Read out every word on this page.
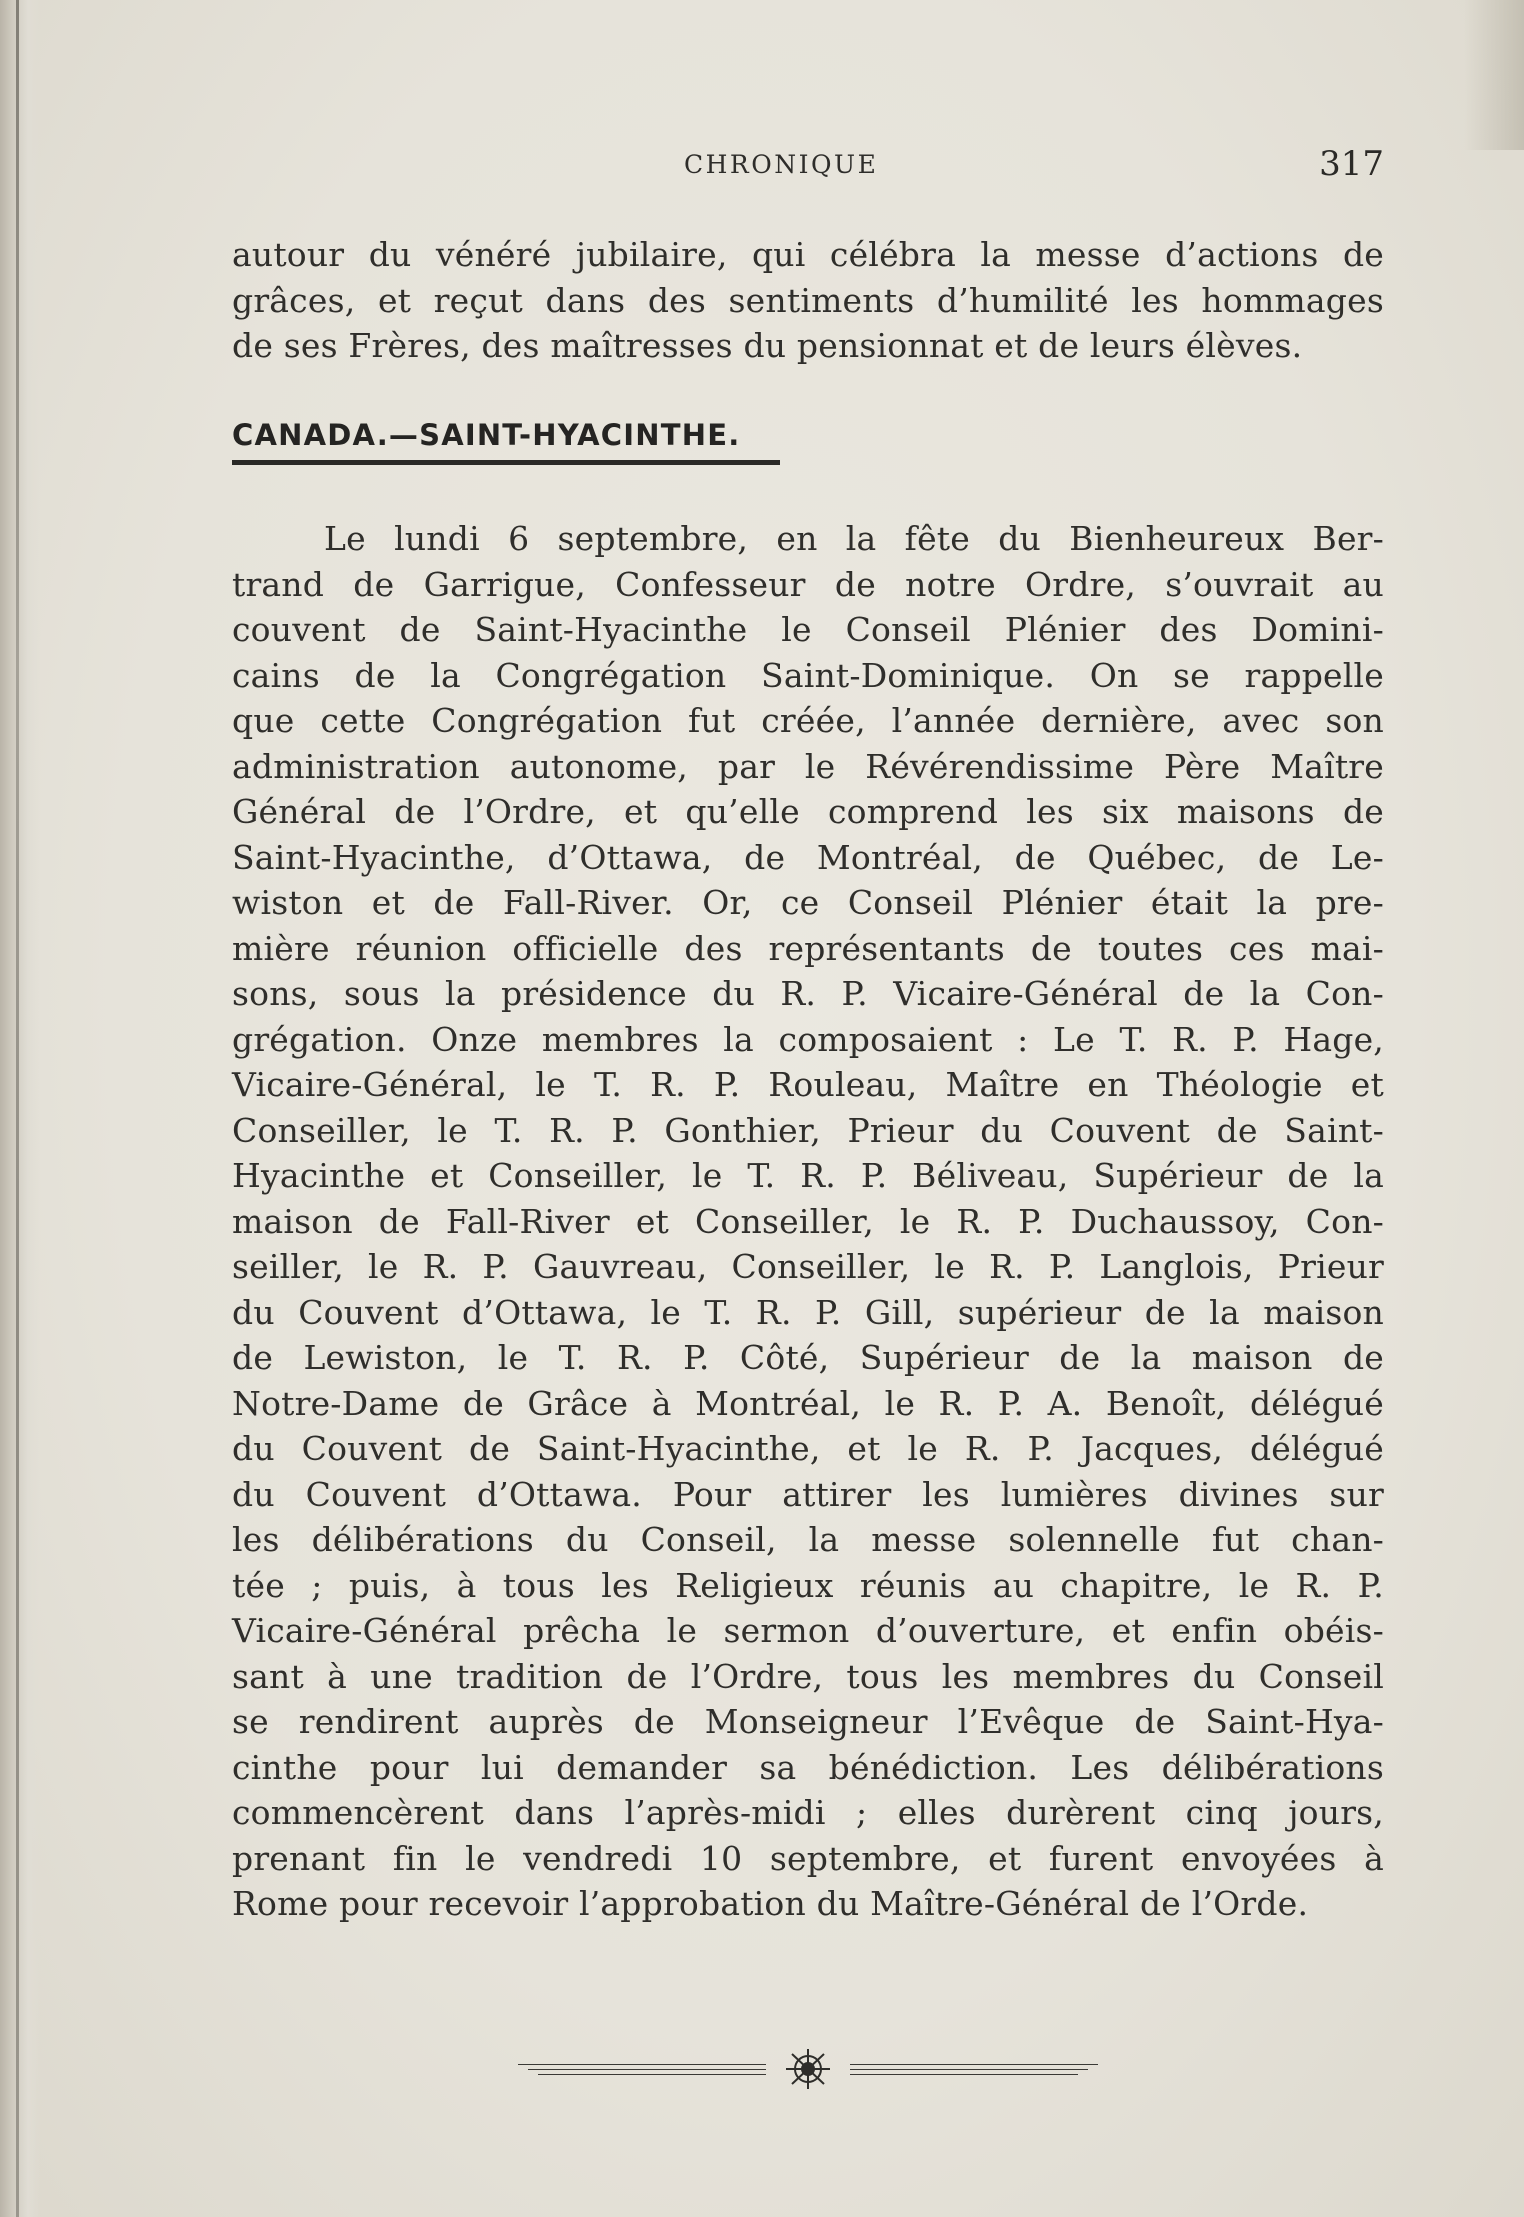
CHRONIQUE	317
autour du vénéré jubilaire, qui célébra la messe d’actions de
grâces, et reçut dans des sentiments d’humilité les hommages
de ses Frères, des maîtresses du pensionnat et de leurs élèves.
CANADA.—SAINT-HYACINTHE.
Le lundi 6 septembre, en la fête du Bienheureux Ber-
trand de Garrigue, Confesseur de notre Ordre, s’ouvrait au
couvent de Saint-Hyacinthe le Conseil Plénier des Domini-
cains de la Congrégation Saint-Dominique. On se rappelle
que cette Congrégation fut créée, l’année dernière, avec son
administration autonome, par le Révérendissime Père Maître
Général de l’Ordre, et qu’elle comprend les six maisons de
Saint-Hyacinthe, d’Ottawa, de Montréal, de Québec, de Le-
wiston et de Fall-River. Or, ce Conseil Plénier était la pre-
mière réunion officielle des représentants de toutes ces mai-
sons, sous la présidence du R. P. Vicaire-Général de la Con-
grégation. Onze membres la composaient : Le T. R. P. Hage,
Vicaire-Général, le T. R. P. Rouleau, Maître en Théologie et
Conseiller, le T. R. P. Gonthier, Prieur du Couvent de Saint-
Hyacinthe et Conseiller, le T. R. P. Béliveau, Supérieur de la
maison de Fall-River et Conseiller, le R. P. Duchaussoy, Con-
seiller, le R. P. Gauvreau, Conseiller, le R. P. Langlois, Prieur
du Couvent d’Ottawa, le T. R. P. Gill, supérieur de la maison
de Lewiston, le T. R. P. Côté, Supérieur de la maison de
Notre-Dame de Grâce à Montréal, le R. P. A. Benoît, délégué
du Couvent de Saint-Hyacinthe, et le R. P. Jacques, délégué
du Couvent d’Ottawa. Pour attirer les lumières divines sur
les délibérations du Conseil, la messe solennelle fut chan-
tée ; puis, à tous les Religieux réunis au chapitre, le R. P.
Vicaire-Général prêcha le sermon d’ouverture, et enfin obéis-
sant à une tradition de l’Ordre, tous les membres du Conseil
se rendirent auprès de Monseigneur l’Evêque de Saint-Hya-
cinthe pour lui demander sa bénédiction. Les délibérations
commencèrent dans l’après-midi ; elles durèrent cinq jours,
prenant fin le vendredi 10 septembre, et furent envoyées à
Rome pour recevoir l’approbation du Maître-Général de l’Orde.
